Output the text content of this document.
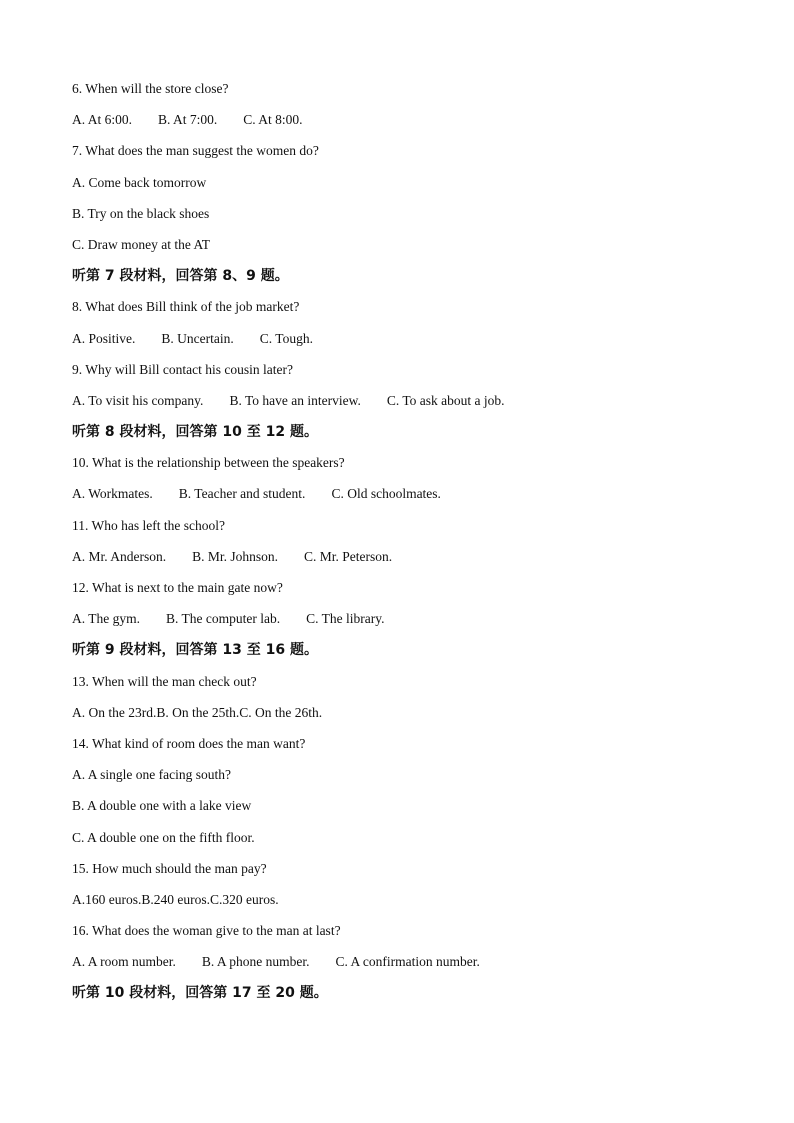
6. When will the store close?
A. At 6:00. B. At 7:00. C. At 8:00.
7. What does the man suggest the women do?
A. Come back tomorrow
B. Try on the black shoes
C. Draw money at the AT
听第 7 段材料，回答第 8、9 题。
8. What does Bill think of the job market?
A. Positive. B. Uncertain. C. Tough.
9. Why will Bill contact his cousin later?
A. To visit his company. B. To have an interview. C. To ask about a job.
听第 8 段材料，回答第 10 至 12 题。
10. What is the relationship between the speakers?
A. Workmates. B. Teacher and student. C. Old schoolmates.
11. Who has left the school?
A. Mr. Anderson. B. Mr. Johnson. C. Mr. Peterson.
12. What is next to the main gate now?
A. The gym. B. The computer lab. C. The library.
听第 9 段材料，回答第 13 至 16 题。
13. When will the man check out?
A. On the 23rd.B. On the 25th.C. On the 26th.
14. What kind of room does the man want?
A. A single one facing south?
B. A double one with a lake view
C. A double one on the fifth floor.
15. How much should the man pay?
A.160 euros.B.240 euros.C.320 euros.
16. What does the woman give to the man at last?
A. A room number. B. A phone number. C. A confirmation number.
听第 10 段材料，回答第 17 至 20 题。
